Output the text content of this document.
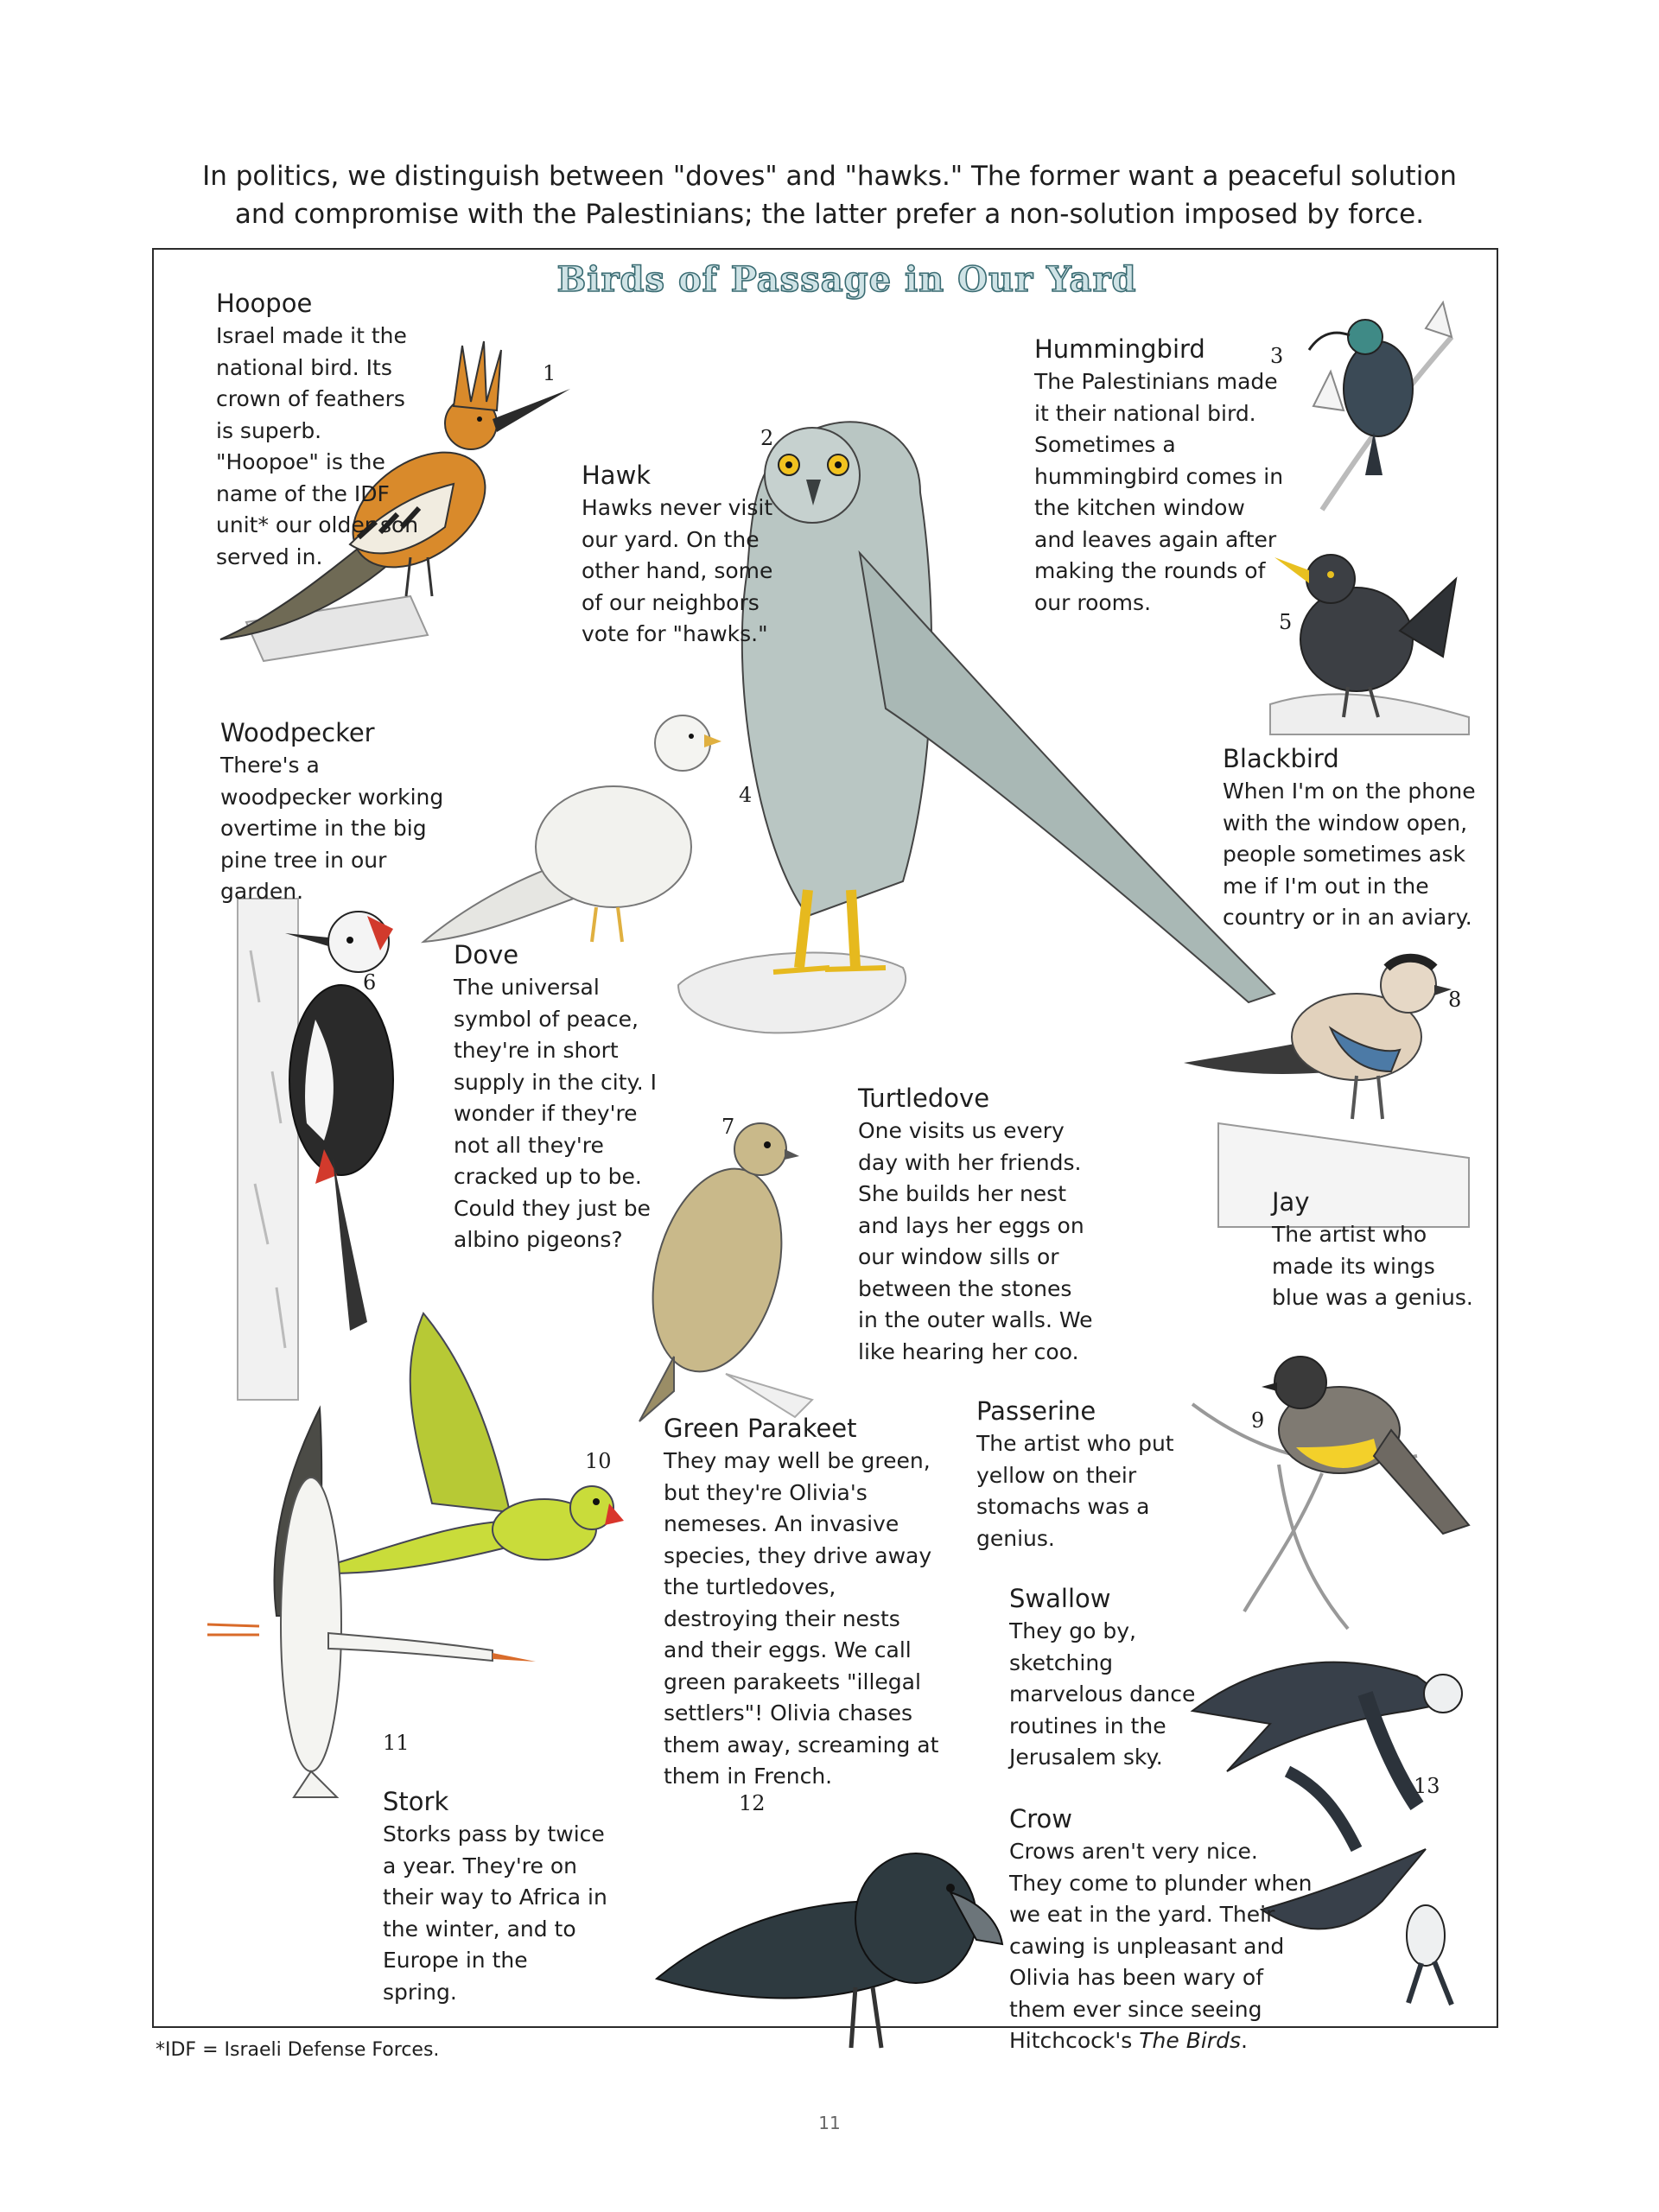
In politics, we distinguish between "doves" and "hawks." The former want a peaceful solution and compromise with the Palestinians; the latter prefer a non-solution imposed by force.

Birds of Passage in Our Yard
1
2
3
4
5
6
7
8
9
10
11
12
13
Hoopoe

Israel made it the national bird. Its crown of feathers is superb. "Hoopoe" is the name of the IDF unit* our older son served in.

Hawk

Hawks never visit our yard. On the other hand, some of our neighbors vote for "hawks."

Hummingbird

The Palestinians made it their national bird. Sometimes a hummingbird comes in the kitchen window and leaves again after making the rounds of our rooms.

Woodpecker

There's a woodpecker working overtime in the big pine tree in our garden.

Blackbird

When I'm on the phone with the window open, people sometimes ask me if I'm out in the country or in an aviary.

Dove

The universal symbol of peace, they're in short supply in the city. I wonder if they're not all they're cracked up to be. Could they just be albino pigeons?

Turtledove

One visits us every day with her friends. She builds her nest and lays her eggs on our window sills or between the stones in the outer walls. We like hearing her coo.

Jay

The artist who made its wings blue was a genius.

Passerine

The artist who put yellow on their stomachs was a genius.

Green Parakeet

They may well be green, but they're Olivia's nemeses. An invasive species, they drive away the turtledoves, destroying their nests and their eggs. We call green parakeets "illegal settlers"! Olivia chases them away, screaming at them in French.

Swallow

They go by, sketching marvelous dance routines in the Jerusalem sky.

Stork

Storks pass by twice a year. They're on their way to Africa in the winter, and to Europe in the spring.

Crow

Crows aren't very nice. They come to plunder when we eat in the yard. Their cawing is unpleasant and Olivia has been wary of them ever since seeing Hitchcock's The Birds.

*IDF = Israeli Defense Forces.

11
